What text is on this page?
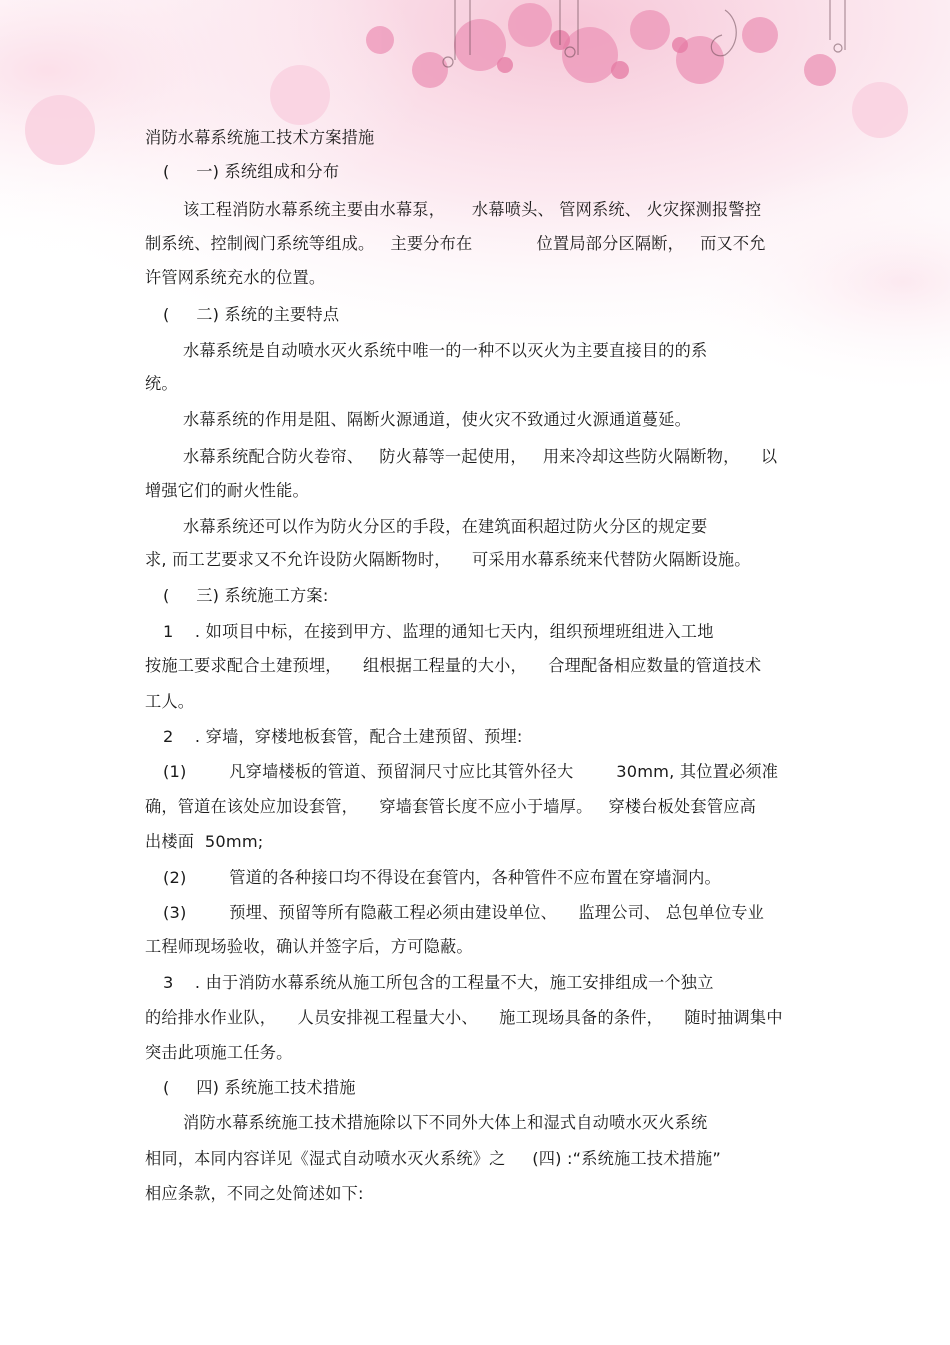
消防水幕系统施工技术方案措施
(     一) 系统组成和分布
该工程消防水幕系统主要由水幕泵，     水幕喷头、 管网系统、 火灾探测报警控
制系统、控制阀门系统等组成。   主要分布在            位置局部分区隔断，   而又不允
许管网系统充水的位置。
(     二) 系统的主要特点
水幕系统是自动喷水灭火系统中唯一的一种不以灭火为主要直接目的的系
统。
水幕系统的作用是阻、隔断火源通道，使火灾不致通过火源通道蔓延。
水幕系统配合防火卷帘、   防火幕等一起使用，   用来冷却这些防火隔断物，    以
增强它们的耐火性能。
水幕系统还可以作为防火分区的手段，在建筑面积超过防火分区的规定要
求, 而工艺要求又不允许设防火隔断物时，    可采用水幕系统来代替防火隔断设施。
(     三) 系统施工方案:
1    . 如项目中标，在接到甲方、监理的通知七天内，组织预埋班组进入工地
按施工要求配合土建预埋，    组根据工程量的大小，    合理配备相应数量的管道技术
工人。
2    . 穿墙，穿楼地板套管，配合土建预留、预埋:
(1)        凡穿墙楼板的管道、预留洞尺寸应比其管外径大        30mm, 其位置必须准
确，管道在该处应加设套管，    穿墙套管长度不应小于墙厚。   穿楼台板处套管应高
出楼面  50mm;
(2)        管道的各种接口均不得设在套管内，各种管件不应布置在穿墙洞内。
(3)        预埋、预留等所有隐蔽工程必须由建设单位、    监理公司、 总包单位专业
工程师现场验收，确认并签字后，方可隐蔽。
3    . 由于消防水幕系统从施工所包含的工程量不大，施工安排组成一个独立
的给排水作业队，    人员安排视工程量大小、    施工现场具备的条件，    随时抽调集中
突击此项施工任务。
(     四) 系统施工技术措施
消防水幕系统施工技术措施除以下不同外大体上和湿式自动喷水灭火系统
相同，本同内容详见《湿式自动喷水灭火系统》之     (四) :“系统施工技术措施”
相应条款，不同之处简述如下:
